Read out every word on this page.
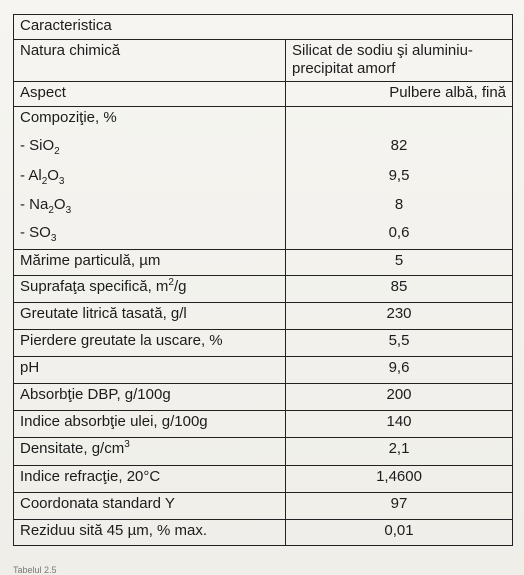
Caracteristica	
Natura chimică	Silicat de sodiu şi aluminiu-
precipitat amorf
Aspect	Pulbere albă, fină
Compoziţie, %	
- SiO$_2$	82
- $Al_2O_3$	9,5
- $Na_2O_3$	8
- $SO_3$	0,6
Mărime particulă, µm	5
Suprafaţa specifică, $m^2/g$	85
Greutate litrică tasată, g/l	230
Pierdere greutate la uscare, %	5,5
pH	9,6
Absorbţie DBP, g/100g	200
Indice absorbţie ulei, g/100g	140
Densitate, $g/cm^3$	2,1
Indice refracţie, 20°C	1,4600
Coordonata standard Y	97
Reziduu sită 45 µm, % max.	0,01
Tabelul 2.5
